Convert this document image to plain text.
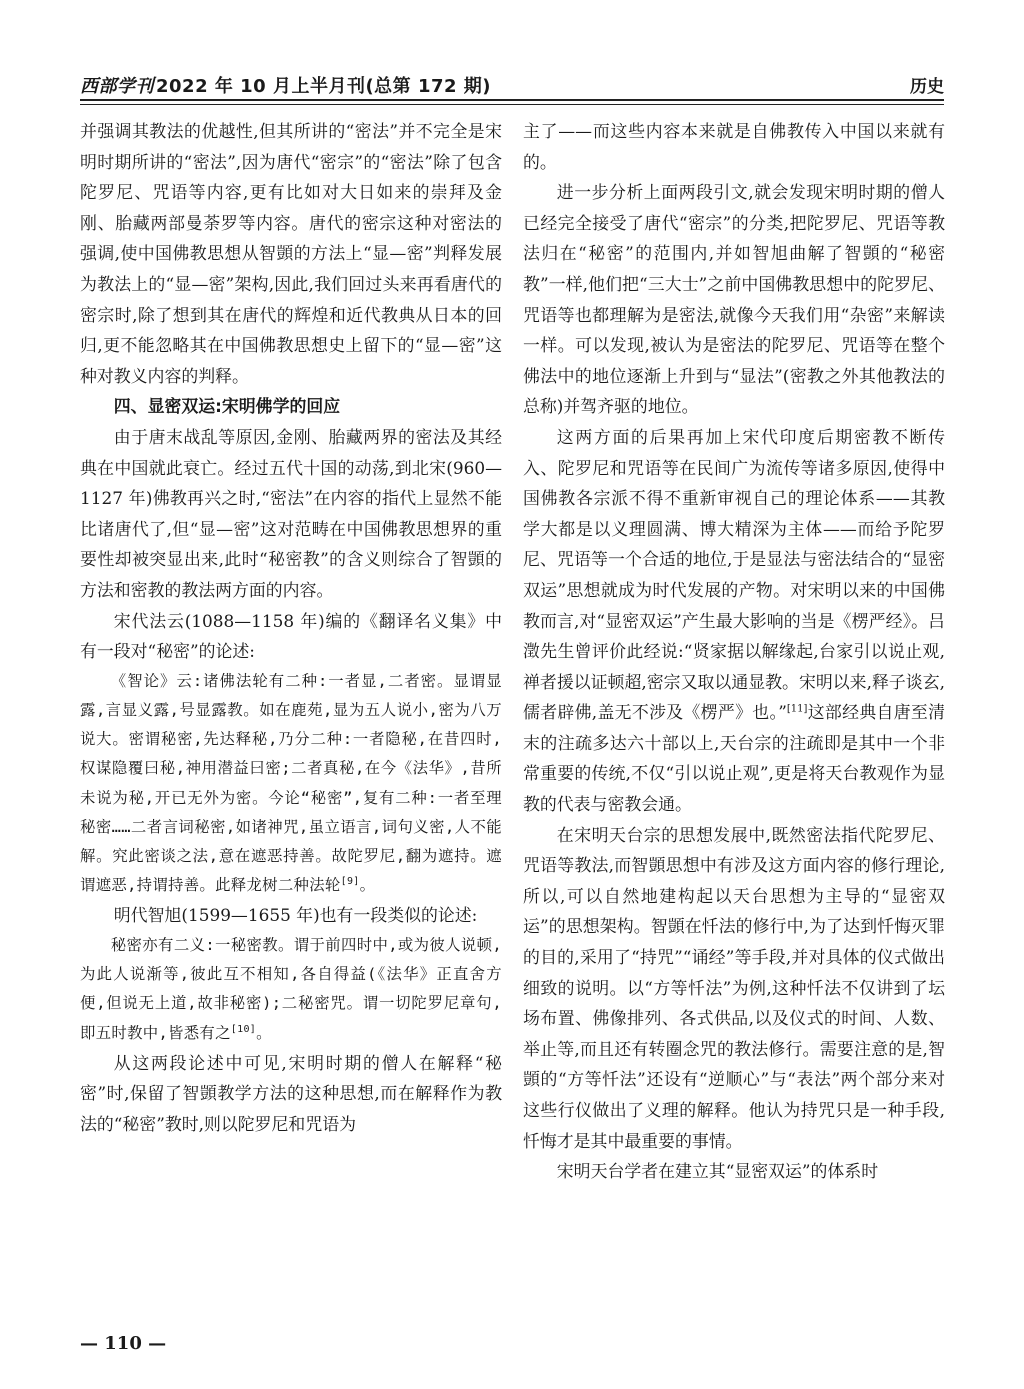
西部学刊 2022 年 10 月上半月刊(总第 172 期)	历史

并强调其教法的优越性,但其所讲的“密法”并不完全是宋明时期所讲的“密法”,因为唐代“密宗”的“密法”除了包含陀罗尼、咒语等内容,更有比如对大日如来的崇拜及金刚、胎藏两部曼荼罗等内容。唐代的密宗这种对密法的强调,使中国佛教思想从智顗的方法上“显—密”判释发展为教法上的“显—密”架构,因此,我们回过头来再看唐代的密宗时,除了想到其在唐代的辉煌和近代教典从日本的回归,更不能忽略其在中国佛教思想史上留下的“显—密”这种对教义内容的判释。

四、显密双运:宋明佛学的回应

由于唐末战乱等原因,金刚、胎藏两界的密法及其经典在中国就此衰亡。经过五代十国的动荡,到北宋(960—1127 年)佛教再兴之时,“密法”在内容的指代上显然不能比诸唐代了,但“显—密”这对范畴在中国佛教思想界的重要性却被突显出来,此时“秘密教”的含义则综合了智顗的方法和密教的教法两方面的内容。

宋代法云(1088—1158 年)编的《翻译名义集》中有一段对“秘密”的论述:

《智论》云:诸佛法轮有二种:一者显,二者密。显谓显露,言显义露,号显露教。如在鹿苑,显为五人说小,密为八万说大。密谓秘密,先达释秘,乃分二种:一者隐秘,在昔四时,权谋隐覆曰秘,神用潜益曰密;二者真秘,在今《法华》,昔所未说为秘,开已无外为密。今论“秘密”,复有二种:一者至理秘密……二者言词秘密,如诸神咒,虽立语言,词句义密,人不能解。究此密谈之法,意在遮恶持善。故陀罗尼,翻为遮持。遮谓遮恶,持谓持善。此释龙树二种法轮[9]。

明代智旭(1599—1655 年)也有一段类似的论述:

秘密亦有二义:一秘密教。谓于前四时中,或为彼人说顿,为此人说渐等,彼此互不相知,各自得益(《法华》正直舍方便,但说无上道,故非秘密);二秘密咒。谓一切陀罗尼章句,即五时教中,皆悉有之[10]。

从这两段论述中可见,宋明时期的僧人在解释“秘密”时,保留了智顗教学方法的这种思想,而在解释作为教法的“秘密”教时,则以陀罗尼和咒语为

主了——而这些内容本来就是自佛教传入中国以来就有的。

进一步分析上面两段引文,就会发现宋明时期的僧人已经完全接受了唐代“密宗”的分类,把陀罗尼、咒语等教法归在“秘密”的范围内,并如智旭曲解了智顗的“秘密教”一样,他们把“三大士”之前中国佛教思想中的陀罗尼、咒语等也都理解为是密法,就像今天我们用“杂密”来解读一样。可以发现,被认为是密法的陀罗尼、咒语等在整个佛法中的地位逐渐上升到与“显法”(密教之外其他教法的总称)并驾齐驱的地位。

这两方面的后果再加上宋代印度后期密教不断传入、陀罗尼和咒语等在民间广为流传等诸多原因,使得中国佛教各宗派不得不重新审视自己的理论体系——其教学大都是以义理圆满、博大精深为主体——而给予陀罗尼、咒语等一个合适的地位,于是显法与密法结合的“显密双运”思想就成为时代发展的产物。对宋明以来的中国佛教而言,对“显密双运”产生最大影响的当是《楞严经》。吕澂先生曾评价此经说:“贤家据以解缘起,台家引以说止观,禅者援以证顿超,密宗又取以通显教。宋明以来,释子谈玄,儒者辟佛,盖无不涉及《楞严》也。”[11]这部经典自唐至清末的注疏多达六十部以上,天台宗的注疏即是其中一个非常重要的传统,不仅“引以说止观”,更是将天台教观作为显教的代表与密教会通。

在宋明天台宗的思想发展中,既然密法指代陀罗尼、咒语等教法,而智顗思想中有涉及这方面内容的修行理论,所以,可以自然地建构起以天台思想为主导的“显密双运”的思想架构。智顗在忏法的修行中,为了达到忏悔灭罪的目的,采用了“持咒”“诵经”等手段,并对具体的仪式做出细致的说明。以“方等忏法”为例,这种忏法不仅讲到了坛场布置、佛像排列、各式供品,以及仪式的时间、人数、举止等,而且还有转圈念咒的教法修行。需要注意的是,智顗的“方等忏法”还设有“逆顺心”与“表法”两个部分来对这些行仪做出了义理的解释。他认为持咒只是一种手段,忏悔才是其中最重要的事情。

宋明天台学者在建立其“显密双运”的体系时

— 110 —
